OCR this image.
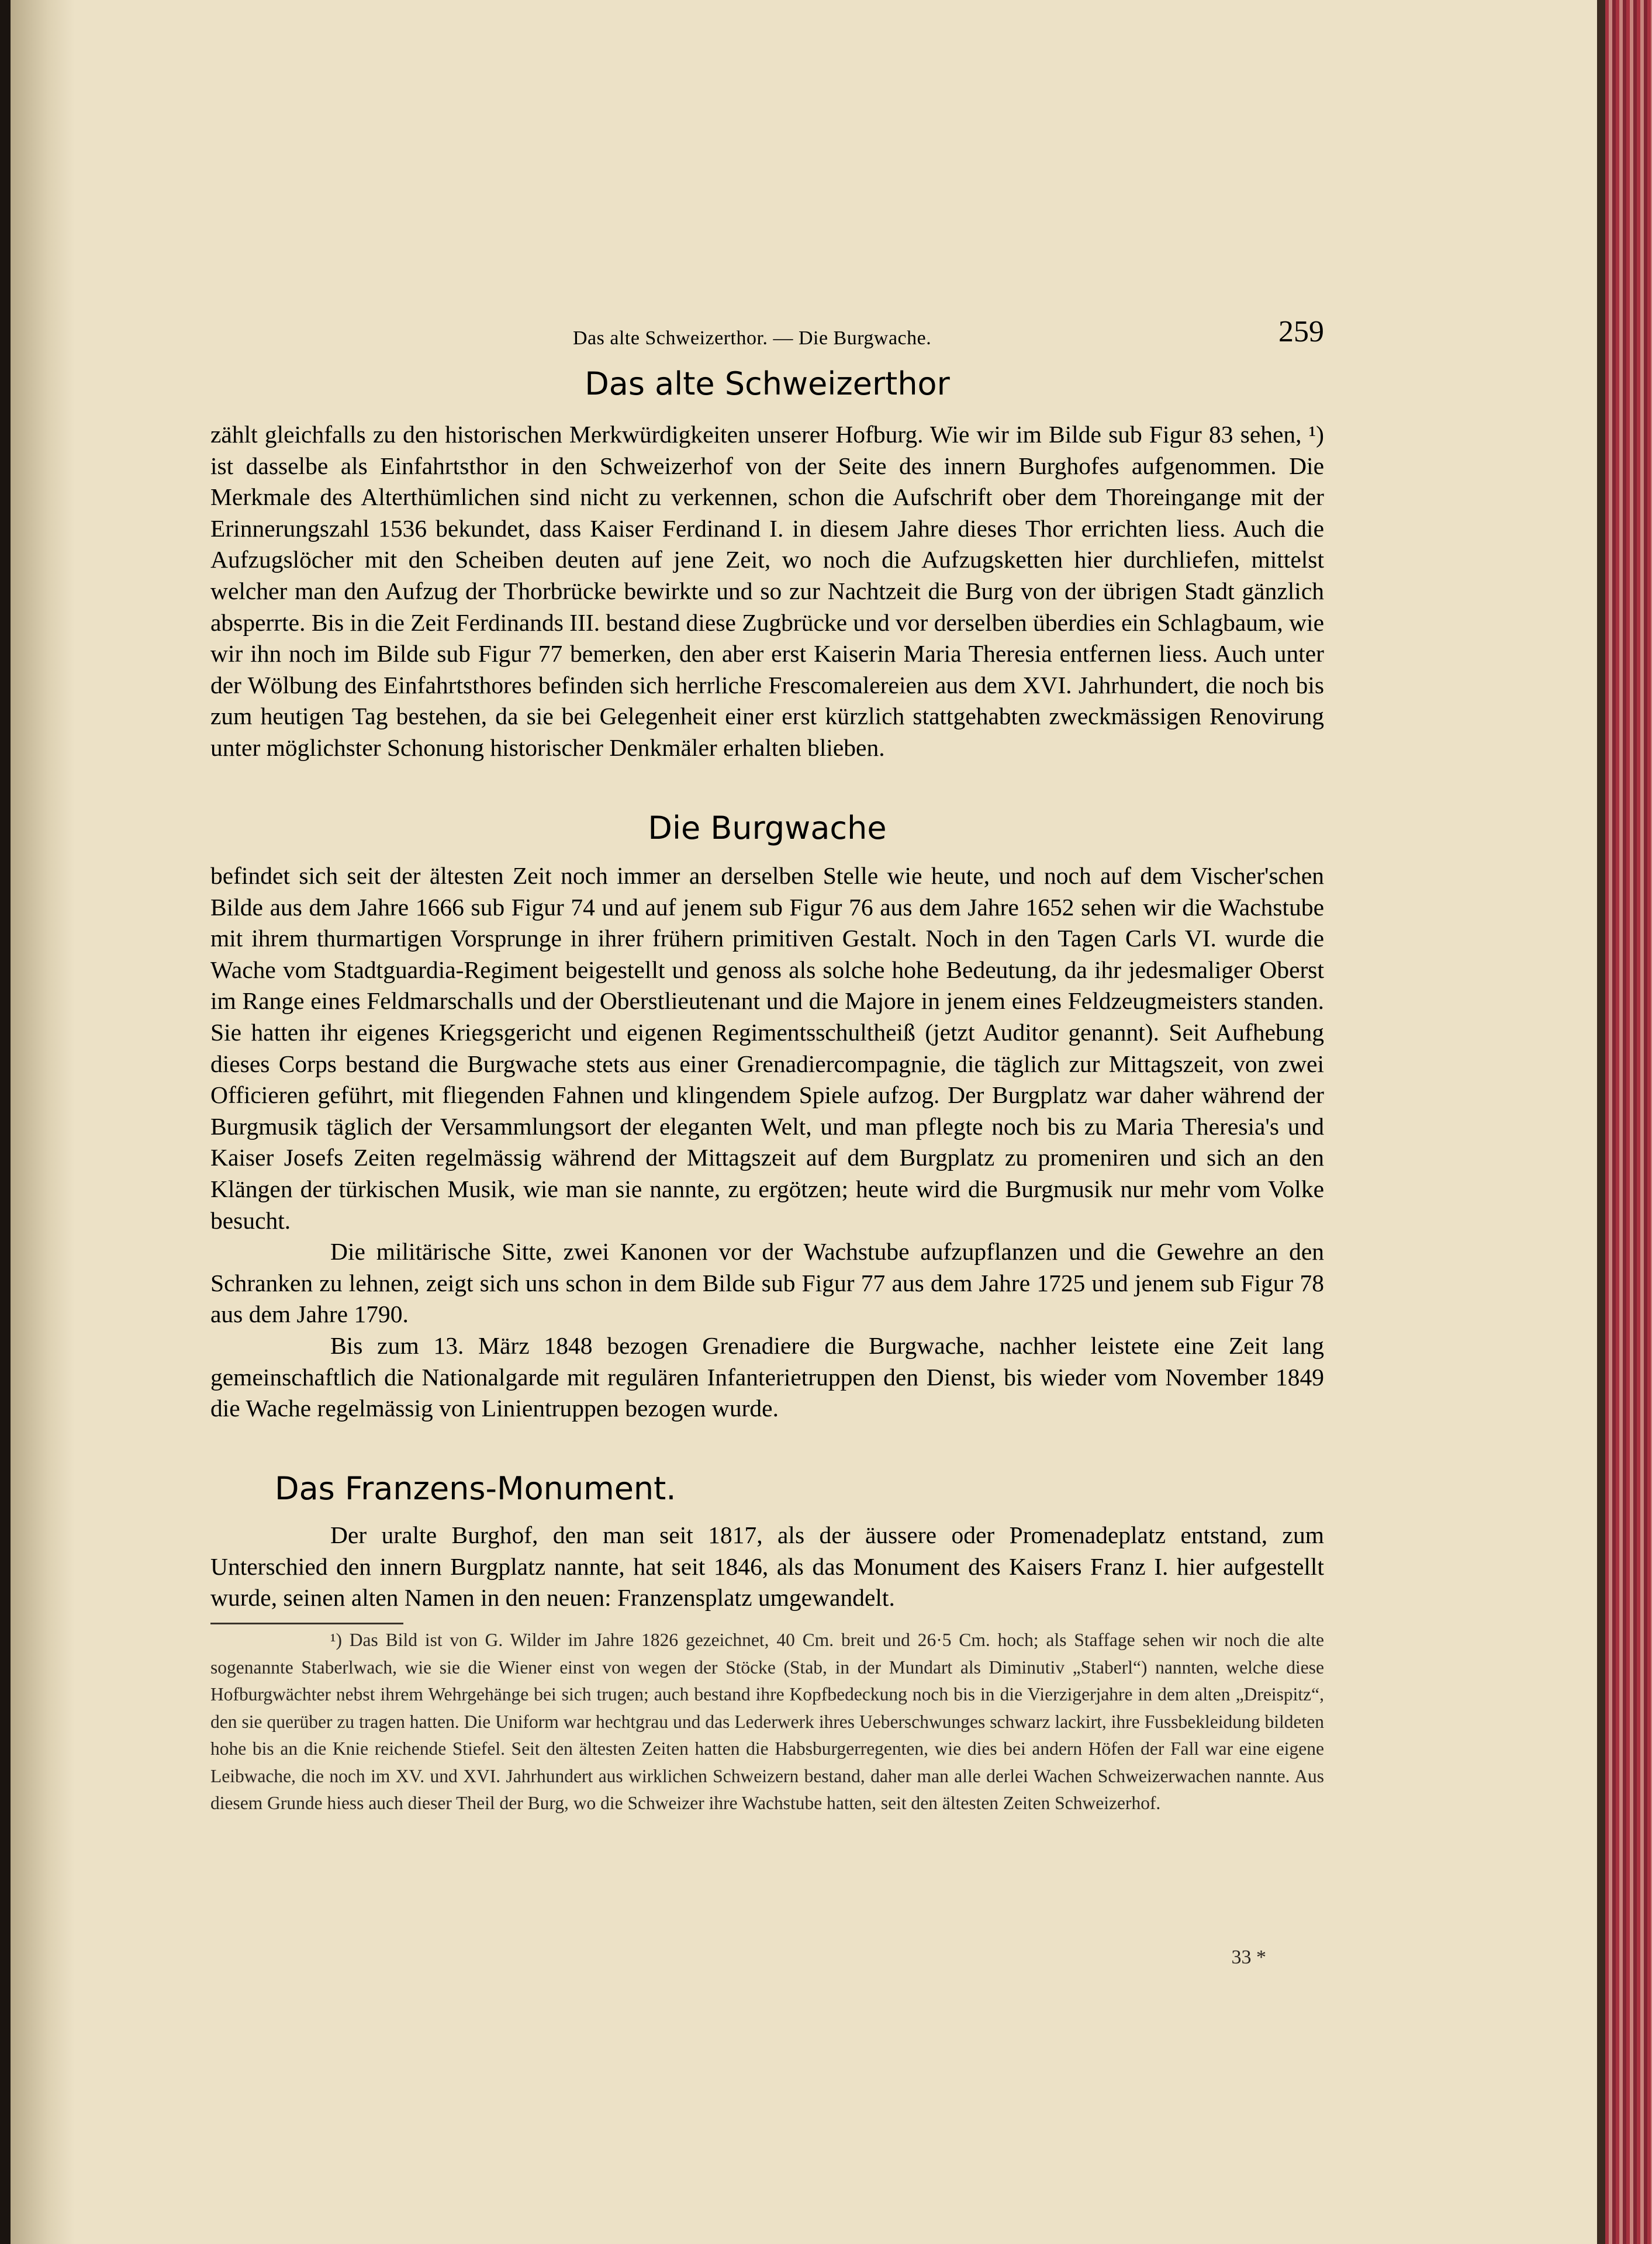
Das alte Schweizerthor. — Die Burgwache.	259
Das alte Schweizerthor

zählt gleichfalls zu den historischen Merkwürdigkeiten unserer Hofburg. Wie wir im Bilde sub Figur 83 sehen, ¹) ist dasselbe als Einfahrtsthor in den Schweizerhof von der Seite des innern Burghofes aufgenommen. Die Merkmale des Alterthümlichen sind nicht zu verkennen, schon die Aufschrift ober dem Thoreingange mit der Erinnerungszahl 1536 bekundet, dass Kaiser Ferdinand I. in diesem Jahre dieses Thor errichten liess. Auch die Aufzugslöcher mit den Scheiben deuten auf jene Zeit, wo noch die Aufzugsketten hier durchliefen, mittelst welcher man den Aufzug der Thorbrücke bewirkte und so zur Nachtzeit die Burg von der übrigen Stadt gänzlich absperrte. Bis in die Zeit Ferdinands III. bestand diese Zugbrücke und vor derselben überdies ein Schlagbaum, wie wir ihn noch im Bilde sub Figur 77 bemerken, den aber erst Kaiserin Maria Theresia entfernen liess. Auch unter der Wölbung des Einfahrtsthores befinden sich herrliche Frescomalereien aus dem XVI. Jahrhundert, die noch bis zum heutigen Tag bestehen, da sie bei Gelegenheit einer erst kürzlich stattgehabten zweckmässigen Renovirung unter möglichster Schonung historischer Denkmäler erhalten blieben.

Die Burgwache

befindet sich seit der ältesten Zeit noch immer an derselben Stelle wie heute, und noch auf dem Vischer'schen Bilde aus dem Jahre 1666 sub Figur 74 und auf jenem sub Figur 76 aus dem Jahre 1652 sehen wir die Wachstube mit ihrem thurmartigen Vorsprunge in ihrer frühern primitiven Gestalt. Noch in den Tagen Carls VI. wurde die Wache vom Stadtguardia-Regiment beigestellt und genoss als solche hohe Bedeutung, da ihr jedesmaliger Oberst im Range eines Feldmarschalls und der Oberstlieutenant und die Majore in jenem eines Feldzeugmeisters standen. Sie hatten ihr eigenes Kriegsgericht und eigenen Regimentsschultheiß (jetzt Auditor genannt). Seit Aufhebung dieses Corps bestand die Burgwache stets aus einer Grenadiercompagnie, die täglich zur Mittagszeit, von zwei Officieren geführt, mit fliegenden Fahnen und klingendem Spiele aufzog. Der Burgplatz war daher während der Burgmusik täglich der Versammlungsort der eleganten Welt, und man pflegte noch bis zu Maria Theresia's und Kaiser Josefs Zeiten regelmässig während der Mittagszeit auf dem Burgplatz zu promeniren und sich an den Klängen der türkischen Musik, wie man sie nannte, zu ergötzen; heute wird die Burgmusik nur mehr vom Volke besucht.

Die militärische Sitte, zwei Kanonen vor der Wachstube aufzupflanzen und die Gewehre an den Schranken zu lehnen, zeigt sich uns schon in dem Bilde sub Figur 77 aus dem Jahre 1725 und jenem sub Figur 78 aus dem Jahre 1790.

Bis zum 13. März 1848 bezogen Grenadiere die Burgwache, nachher leistete eine Zeit lang gemeinschaftlich die Nationalgarde mit regulären Infanterietruppen den Dienst, bis wieder vom November 1849 die Wache regelmässig von Linientruppen bezogen wurde.

Das Franzens-Monument.

Der uralte Burghof, den man seit 1817, als der äussere oder Promenadeplatz entstand, zum Unterschied den innern Burgplatz nannte, hat seit 1846, als das Monument des Kaisers Franz I. hier aufgestellt wurde, seinen alten Namen in den neuen: Franzensplatz umgewandelt.

¹) Das Bild ist von G. Wilder im Jahre 1826 gezeichnet, 40 Cm. breit und 26·5 Cm. hoch; als Staffage sehen wir noch die alte sogenannte Staberlwach, wie sie die Wiener einst von wegen der Stöcke (Stab, in der Mundart als Diminutiv „Staberl“) nannten, welche diese Hofburgwächter nebst ihrem Wehrgehänge bei sich trugen; auch bestand ihre Kopfbedeckung noch bis in die Vierzigerjahre in dem alten „Dreispitz“, den sie querüber zu tragen hatten. Die Uniform war hechtgrau und das Lederwerk ihres Ueberschwunges schwarz lackirt, ihre Fussbekleidung bildeten hohe bis an die Knie reichende Stiefel. Seit den ältesten Zeiten hatten die Habsburgerregenten, wie dies bei andern Höfen der Fall war eine eigene Leibwache, die noch im XV. und XVI. Jahrhundert aus wirklichen Schweizern bestand, daher man alle derlei Wachen Schweizerwachen nannte. Aus diesem Grunde hiess auch dieser Theil der Burg, wo die Schweizer ihre Wachstube hatten, seit den ältesten Zeiten Schweizerhof.

33 *
